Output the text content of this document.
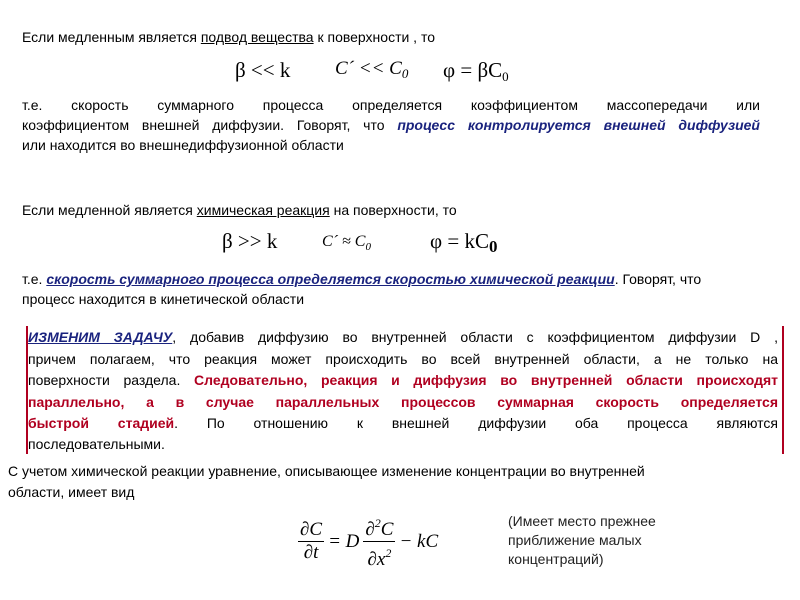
Если медленным является подвод вещества к поверхности , то
β << k C´ << $C_0$ $\varphi = \beta C_0$
т.е. скорость суммарного процесса определяется коэффициентом массопередачи или
коэффициентом внешней диффузии. Говорят, что процесс контролируется внешней диффузией
или находится во внешнедиффузионной области
Если медленной является химическая реакция на поверхности, то
β >> k	C´ ≈ $C_0$	$\varphi = kC_0$
т.е. скорость суммарного процесса определяется скоростью химической реакции. Говорят, что
процесс находится в кинетической области
ИЗМЕНИМ ЗАДАЧУ, добавив диффузию во внутренней области с коэффициентом диффузии D ,
причем полагаем, что реакция может происходить во всей внутренней области, а не только на
поверхности раздела. Следовательно, реакция и диффузия во внутренней области происходят
параллельно, а в случае параллельных процессов суммарная скорость определяется
быстрой стадией. По отношению к внешней диффузии оба процесса являются
последовательными.
С учетом химической реакции уравнение, описывающее изменение концентрации во внутренней
области, имеет вид
$\frac{\partial C}{\partial t} = D \frac{\partial^2C}{\partial x^2}$ − kC
(Имеет место прежнее
приближение малых
концентраций)
